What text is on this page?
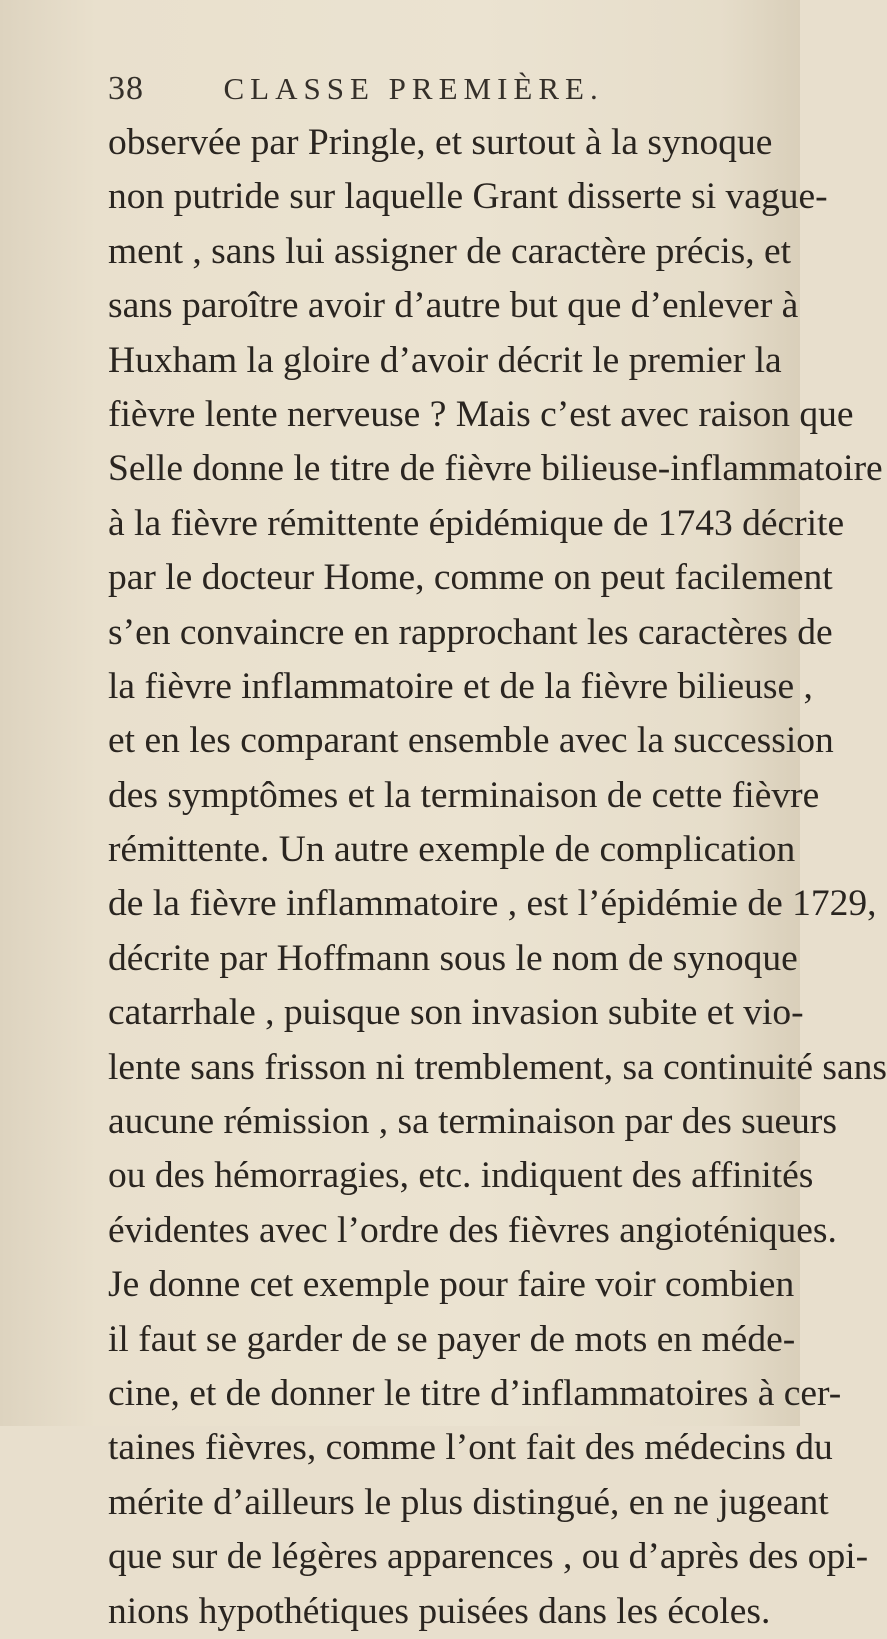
38	CLASSE PREMIÈRE.
observée par Pringle, et surtout à la synoque
non putride sur laquelle Grant disserte si vague-
ment , sans lui assigner de caractère précis, et
sans paroître avoir d’autre but que d’enlever à
Huxham la gloire d’avoir décrit le premier la
fièvre lente nerveuse ? Mais c’est avec raison que
Selle donne le titre de fièvre bilieuse-inflammatoire
à la fièvre rémittente épidémique de 1743 décrite
par le docteur Home, comme on peut facilement
s’en convaincre en rapprochant les caractères de
la fièvre inflammatoire et de la fièvre bilieuse ,
et en les comparant ensemble avec la succession
des symptômes et la terminaison de cette fièvre
rémittente. Un autre exemple de complication
de la fièvre inflammatoire , est l’épidémie de 1729,
décrite par Hoffmann sous le nom de synoque
catarrhale , puisque son invasion subite et vio-
lente sans frisson ni tremblement, sa continuité sans
aucune rémission , sa terminaison par des sueurs
ou des hémorragies, etc. indiquent des affinités
évidentes avec l’ordre des fièvres angioténiques.
Je donne cet exemple pour faire voir combien
il faut se garder de se payer de mots en méde-
cine, et de donner le titre d’inflammatoires à cer-
taines fièvres, comme l’ont fait des médecins du
mérite d’ailleurs le plus distingué, en ne jugeant
que sur de légères apparences , ou d’après des opi-
nions hypothétiques puisées dans les écoles.
